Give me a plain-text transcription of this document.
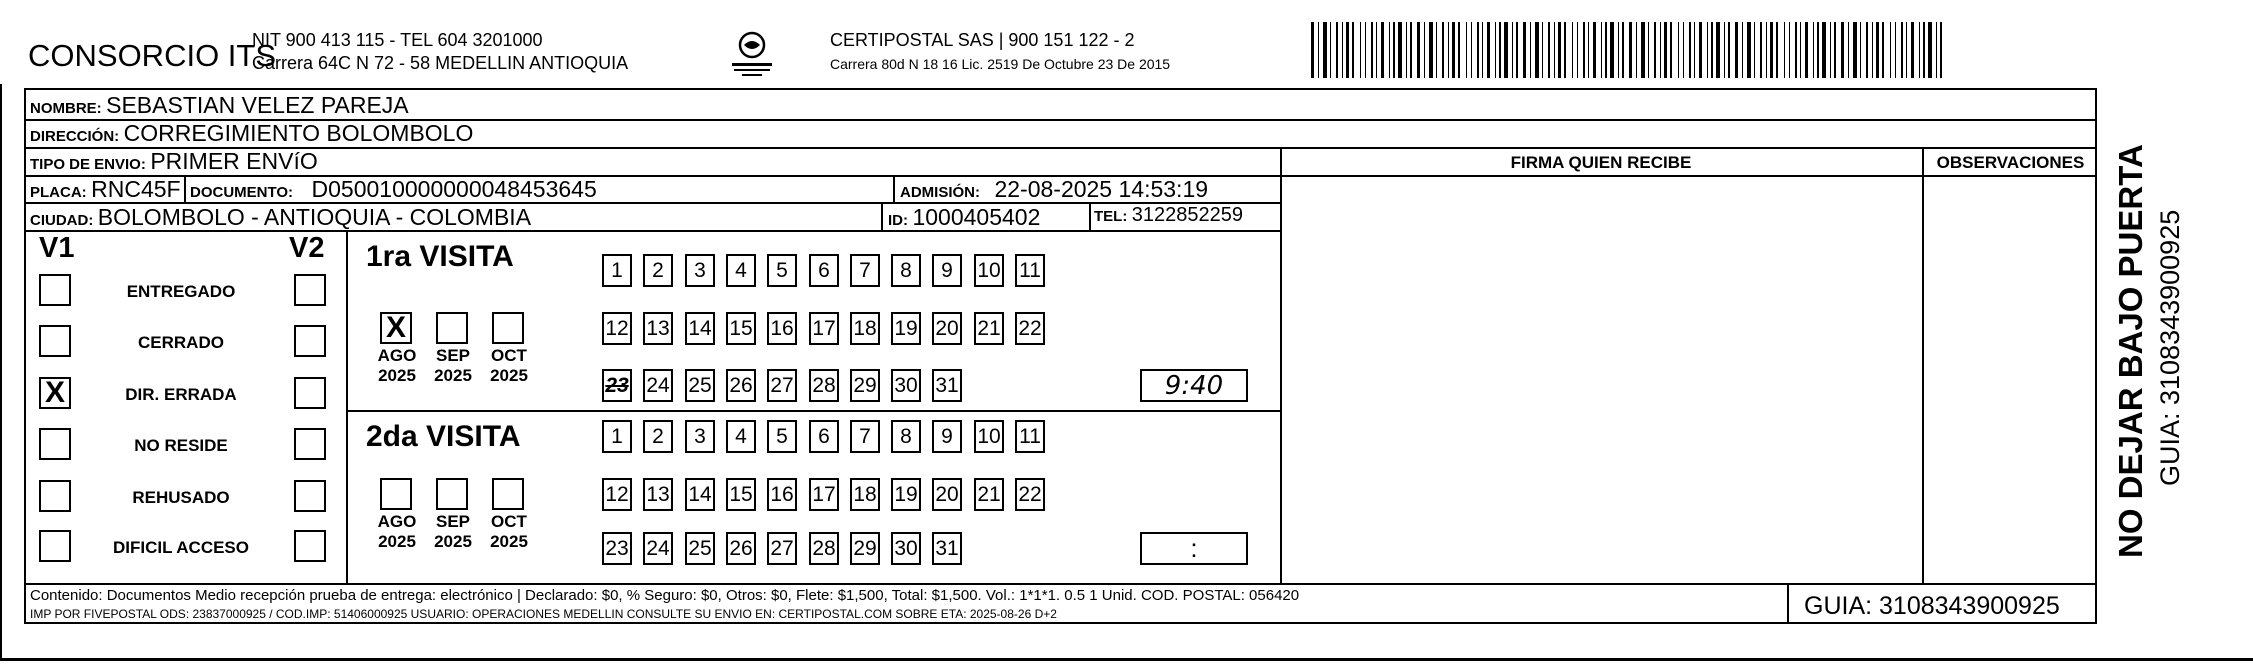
CONSORCIO ITS
NIT 900 413 115 - TEL 604 3201000
Carrera 64C N 72 - 58 MEDELLIN ANTIOQUIA
CERTIPOSTAL SAS | 900 151 122 - 2
Carrera 80d N 18 16 Lic. 2519 De Octubre 23 De 2015
NOMBRE: SEBASTIAN VELEZ PAREJA
DIRECCIÓN: CORREGIMIENTO BOLOMBOLO
TIPO DE ENVIO: PRIMER ENVíO	FIRMA QUIEN RECIBE	OBSERVACIONES
PLACA: RNC45F DOCUMENTO: D050010000000048453645	ADMISIÓN: 22-08-2025 14:53:19
CIUDAD: BOLOMBOLO - ANTIOQUIA - COLOMBIA	ID: 1000405402	TEL: 3122852259
V1	V2
ENTREGADO
CERRADO
X	DIR. ERRADA
NO RESIDE
REHUSADO
DIFICIL ACCESO
1ra VISITA
X
AGO
2025
SEP
2025
OCT
2025
1	2	3	4	5	6	7	8	9	10 11
12 13 14 15 16 17 18 19 20 21 22
23 24 25 26 27 28 29 30 31	9:40
2da VISITA
AGO
2025
SEP
2025
OCT
2025
1	2	3	4	5	6	7	8	9	10 11
12 13 14 15 16 17 18 19 20 21 22
23 24 25 26 27 28 29 30 31	:
Contenido: Documentos Medio recepción prueba de entrega: electrónico | Declarado: $0, % Seguro: $0, Otros: $0, Flete: $1,500, Total: $1,500. Vol.: 1*1*1. 0.5 1 Unid. COD. POSTAL: 056420
IMP POR FIVEPOSTAL ODS: 23837000925 / COD.IMP: 51406000925 USUARIO: OPERACIONES MEDELLIN CONSULTE SU ENVIO EN: CERTIPOSTAL.COM SOBRE ETA: 2025-08-26 D+2	GUIA: 3108343900925
NO DEJAR BAJO PUERTA GUIA: 3108343900925
